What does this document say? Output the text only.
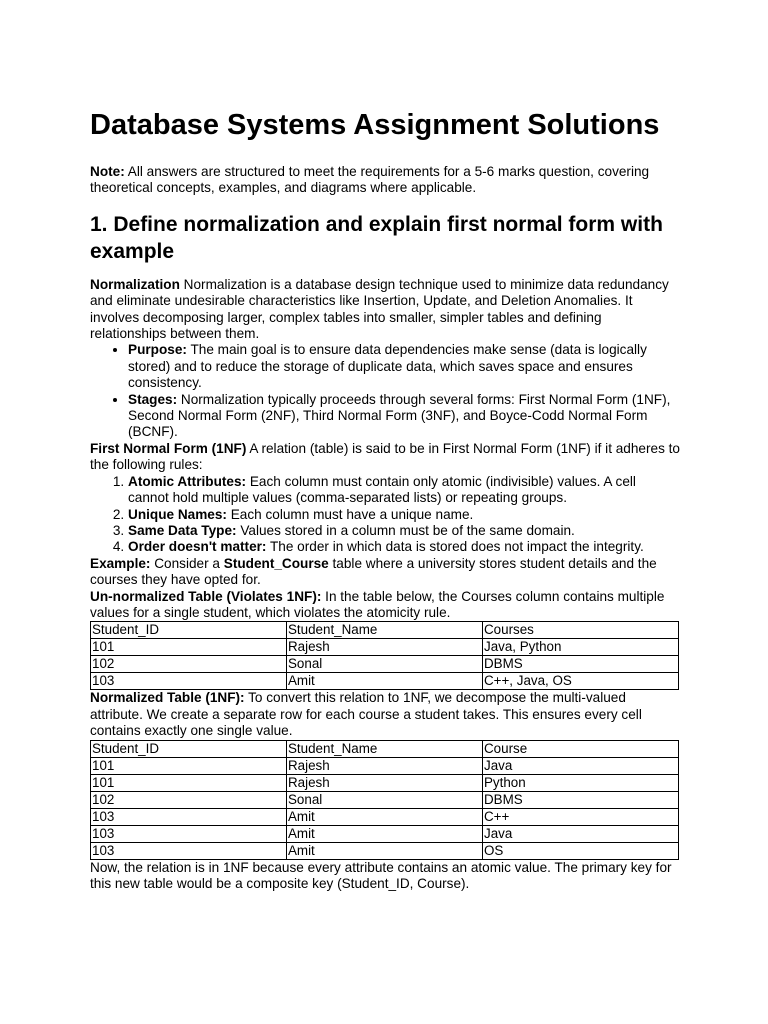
Database Systems Assignment Solutions

Note: All answers are structured to meet the requirements for a 5-6 marks question, covering theoretical concepts, examples, and diagrams where applicable.

1. Define normalization and explain first normal form with example

Normalization Normalization is a database design technique used to minimize data redundancy and eliminate undesirable characteristics like Insertion, Update, and Deletion Anomalies. It involves decomposing larger, complex tables into smaller, simpler tables and defining relationships between them.

• Purpose: The main goal is to ensure data dependencies make sense (data is logically stored) and to reduce the storage of duplicate data, which saves space and ensures consistency.
• Stages: Normalization typically proceeds through several forms: First Normal Form (1NF), Second Normal Form (2NF), Third Normal Form (3NF), and Boyce-Codd Normal Form (BCNF).

First Normal Form (1NF) A relation (table) is said to be in First Normal Form (1NF) if it adheres to the following rules:

1. Atomic Attributes: Each column must contain only atomic (indivisible) values. A cell cannot hold multiple values (comma-separated lists) or repeating groups.
2. Unique Names: Each column must have a unique name.
3. Same Data Type: Values stored in a column must be of the same domain.
4. Order doesn't matter: The order in which data is stored does not impact the integrity.

Example: Consider a Student_Course table where a university stores student details and the courses they have opted for.

Un-normalized Table (Violates 1NF): In the table below, the Courses column contains multiple values for a single student, which violates the atomicity rule.

Student_ID	Student_Name	Courses
101	Rajesh	Java, Python
102	Sonal	DBMS
103	Amit	C++, Java, OS

Normalized Table (1NF): To convert this relation to 1NF, we decompose the multi-valued attribute. We create a separate row for each course a student takes. This ensures every cell contains exactly one single value.

Student_ID	Student_Name	Course
101	Rajesh	Java
101	Rajesh	Python
102	Sonal	DBMS
103	Amit	C++
103	Amit	Java
103	Amit	OS

Now, the relation is in 1NF because every attribute contains an atomic value. The primary key for this new table would be a composite key (Student_ID, Course).
